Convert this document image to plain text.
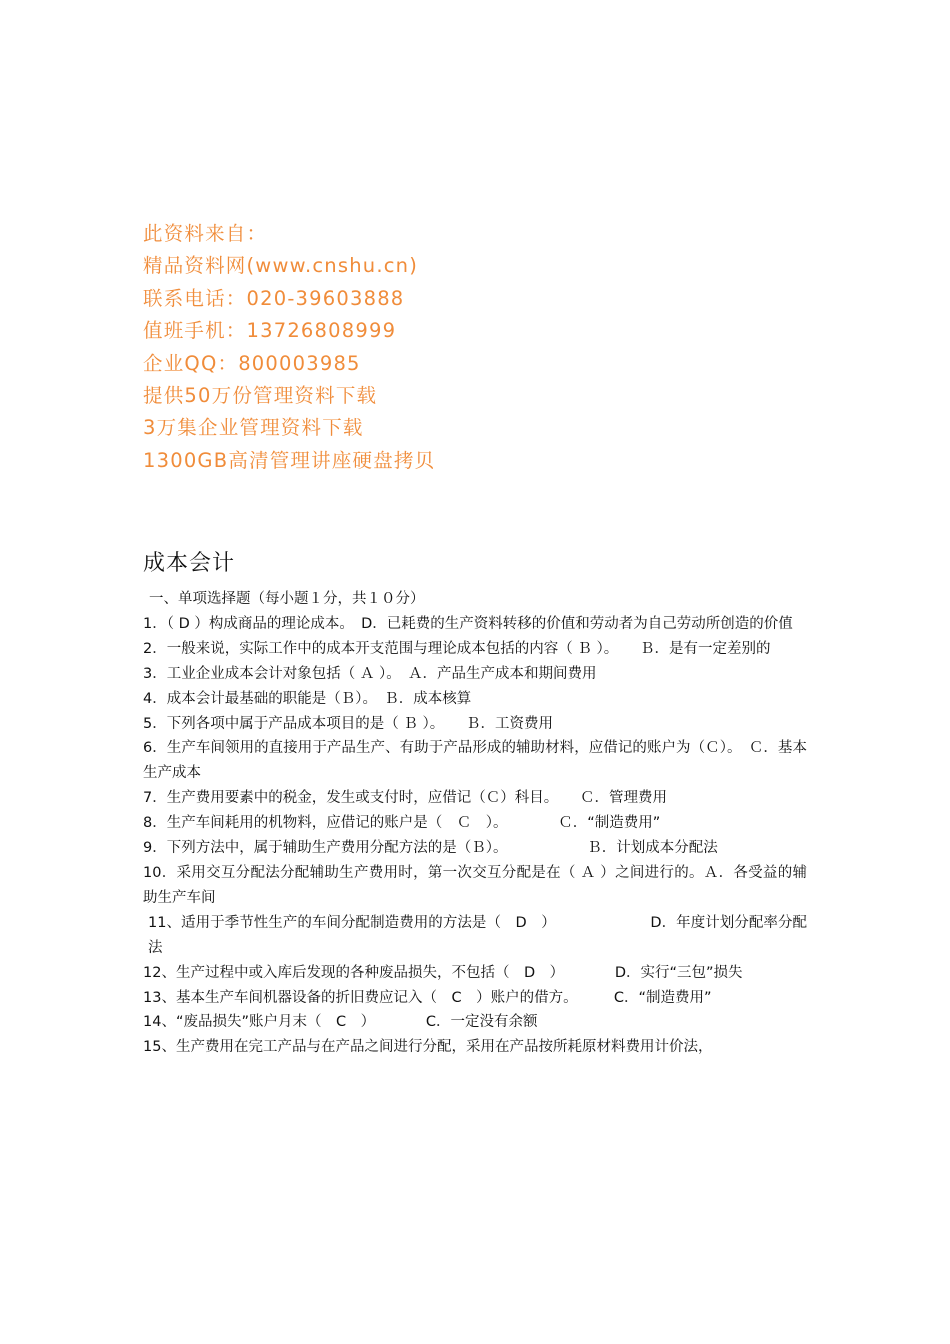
此资料来自：
精品资料网(www.cnshu.cn)
联系电话：020-39603888
值班手机：13726808999
企业QQ：800003985
提供50万份管理资料下载
3万集企业管理资料下载
1300GB高清管理讲座硬盘拷贝
成本会计
一、单项选择题（每小题１分，共１０分）
1．（ D ）构成商品的理论成本。　D．已耗费的生产资料转移的价值和劳动者为自己劳动所创造的价值
2．一般来说，实际工作中的成本开支范围与理论成本包括的内容（ Ｂ ）。　　Ｂ．是有一定差别的
3．工业企业成本会计对象包括（ Ａ ）。　Ａ．产品生产成本和期间费用
4．成本会计最基础的职能是（Ｂ）。　Ｂ．成本核算
5．下列各项中属于产品成本项目的是（ Ｂ ）。　　Ｂ．工资费用
6．生产车间领用的直接用于产品生产、有助于产品形成的辅助材料，应借记的账户为（Ｃ）。　Ｃ．基本生产成本
7．生产费用要素中的税金，发生或支付时，应借记（Ｃ）科目。　　Ｃ．管理费用
8．生产车间耗用的机物料，应借记的账户是（　Ｃ　）。　　　　Ｃ．“制造费用”
9．下列方法中，属于辅助生产费用分配方法的是（Ｂ）。　　　　　　Ｂ．计划成本分配法
10．采用交互分配法分配辅助生产费用时，第一次交互分配是在（ Ａ ）之间进行的。Ａ．各受益的辅助生产车间
11、适用于季节性生产的车间分配制造费用的方法是（　D　）　　　　　　　D．年度计划分配率分配法
12、生产过程中或入库后发现的各种废品损失，不包括（　D　）　　　　D．实行“三包”损失
13、基本生产车间机器设备的折旧费应记入（　C　）账户的借方。　　　C．“制造费用”
14、“废品损失”账户月末（　C　）　　　　C．一定没有余额
15、生产费用在完工产品与在产品之间进行分配，采用在产品按所耗原材料费用计价法，
